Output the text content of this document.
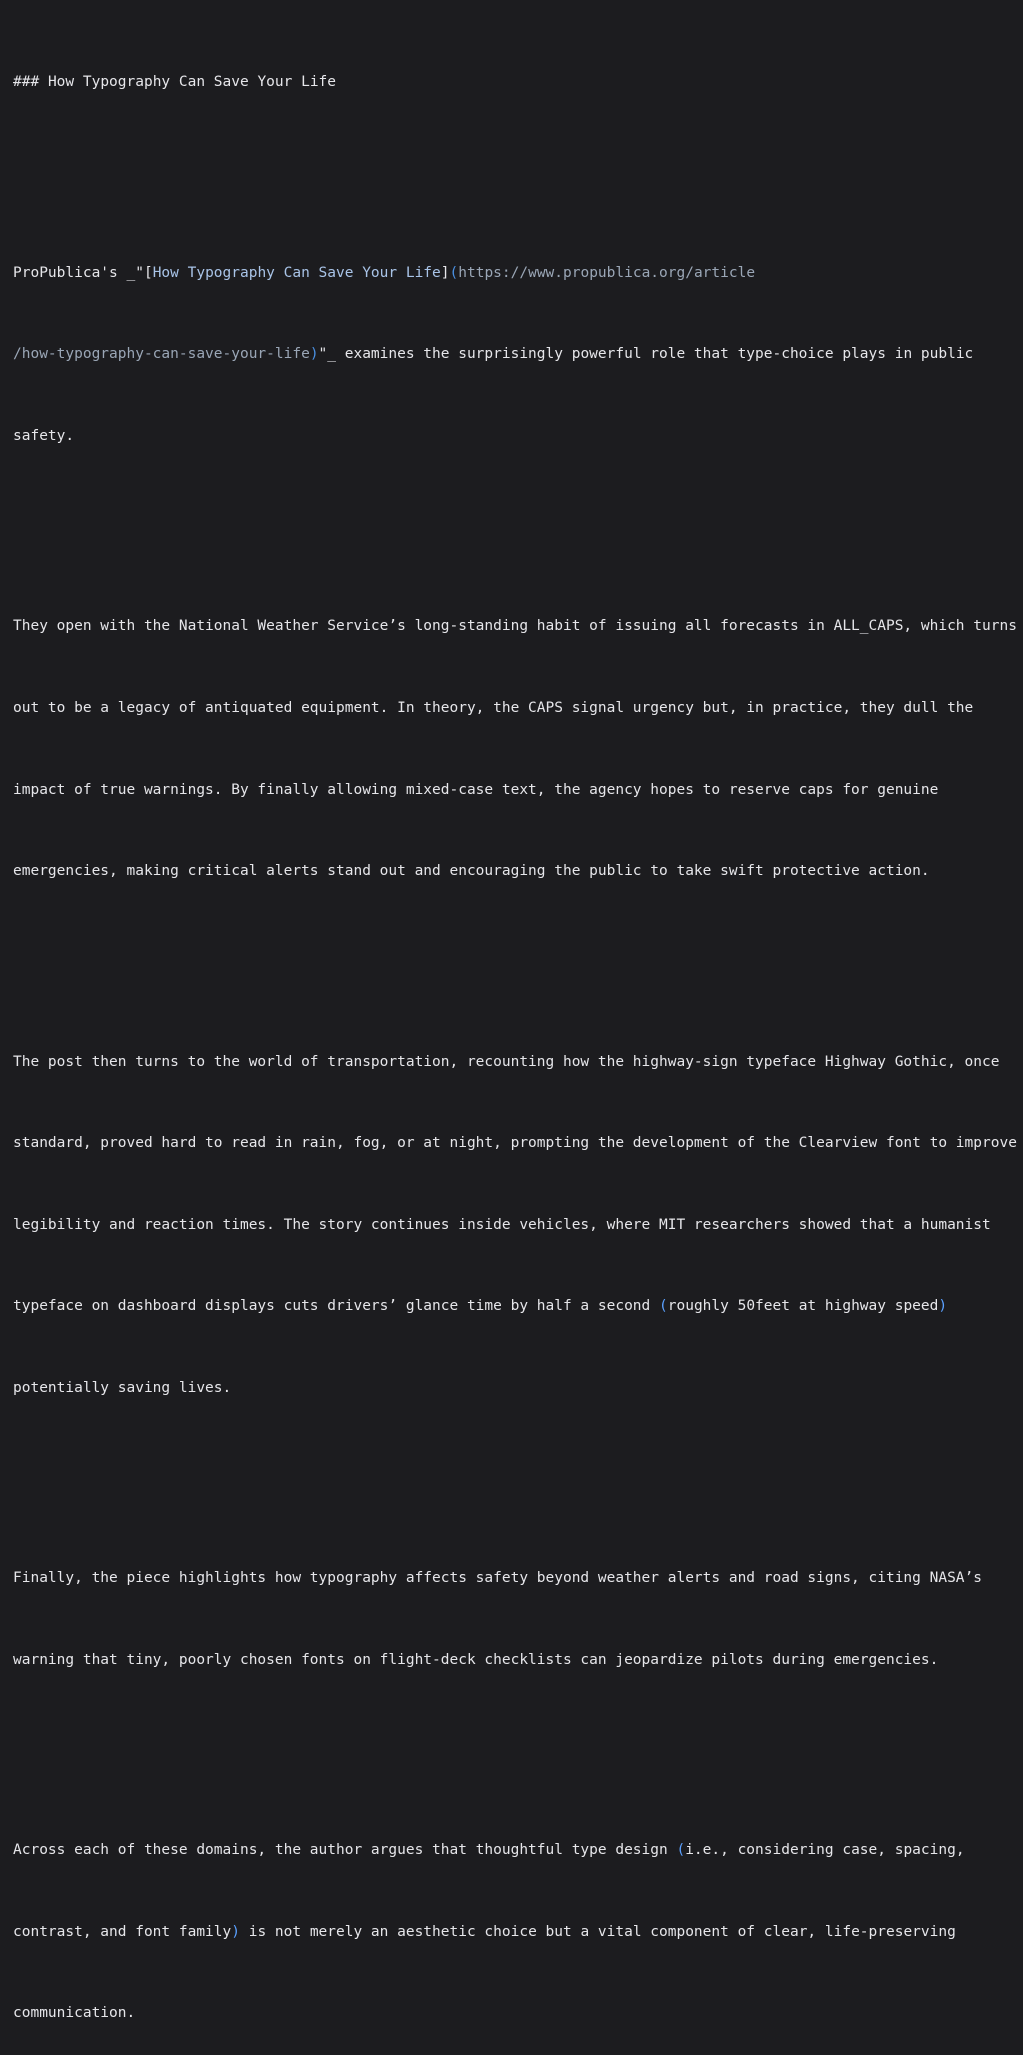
### How Typography Can Save Your Life

ProPublica's _"[How Typography Can Save Your Life](https://www.propublica.org/article

/how-typography-can-save-your-life)"_ examines the surprisingly powerful role that type-choice plays in public

safety.

They open with the National Weather Service’s long-standing habit of issuing all forecasts in ALL_CAPS, which turns

out to be a legacy of antiquated equipment. In theory, the CAPS signal urgency but, in practice, they dull the

impact of true warnings. By finally allowing mixed-case text, the agency hopes to reserve caps for genuine

emergencies, making critical alerts stand out and encouraging the public to take swift protective action.

The post then turns to the world of transportation, recounting how the highway-sign typeface Highway Gothic, once

standard, proved hard to read in rain, fog, or at night, prompting the development of the Clearview font to improve

legibility and reaction times. The story continues inside vehicles, where MIT researchers showed that a humanist

typeface on dashboard displays cuts drivers’ glance time by half a second (roughly 50feet at highway speed)

potentially saving lives.

Finally, the piece highlights how typography affects safety beyond weather alerts and road signs, citing NASA’s

warning that tiny, poorly chosen fonts on flight-deck checklists can jeopardize pilots during emergencies.

Across each of these domains, the author argues that thoughtful type design (i.e., considering case, spacing,

contrast, and font family) is not merely an aesthetic choice but a vital component of clear, life-preserving

communication.
